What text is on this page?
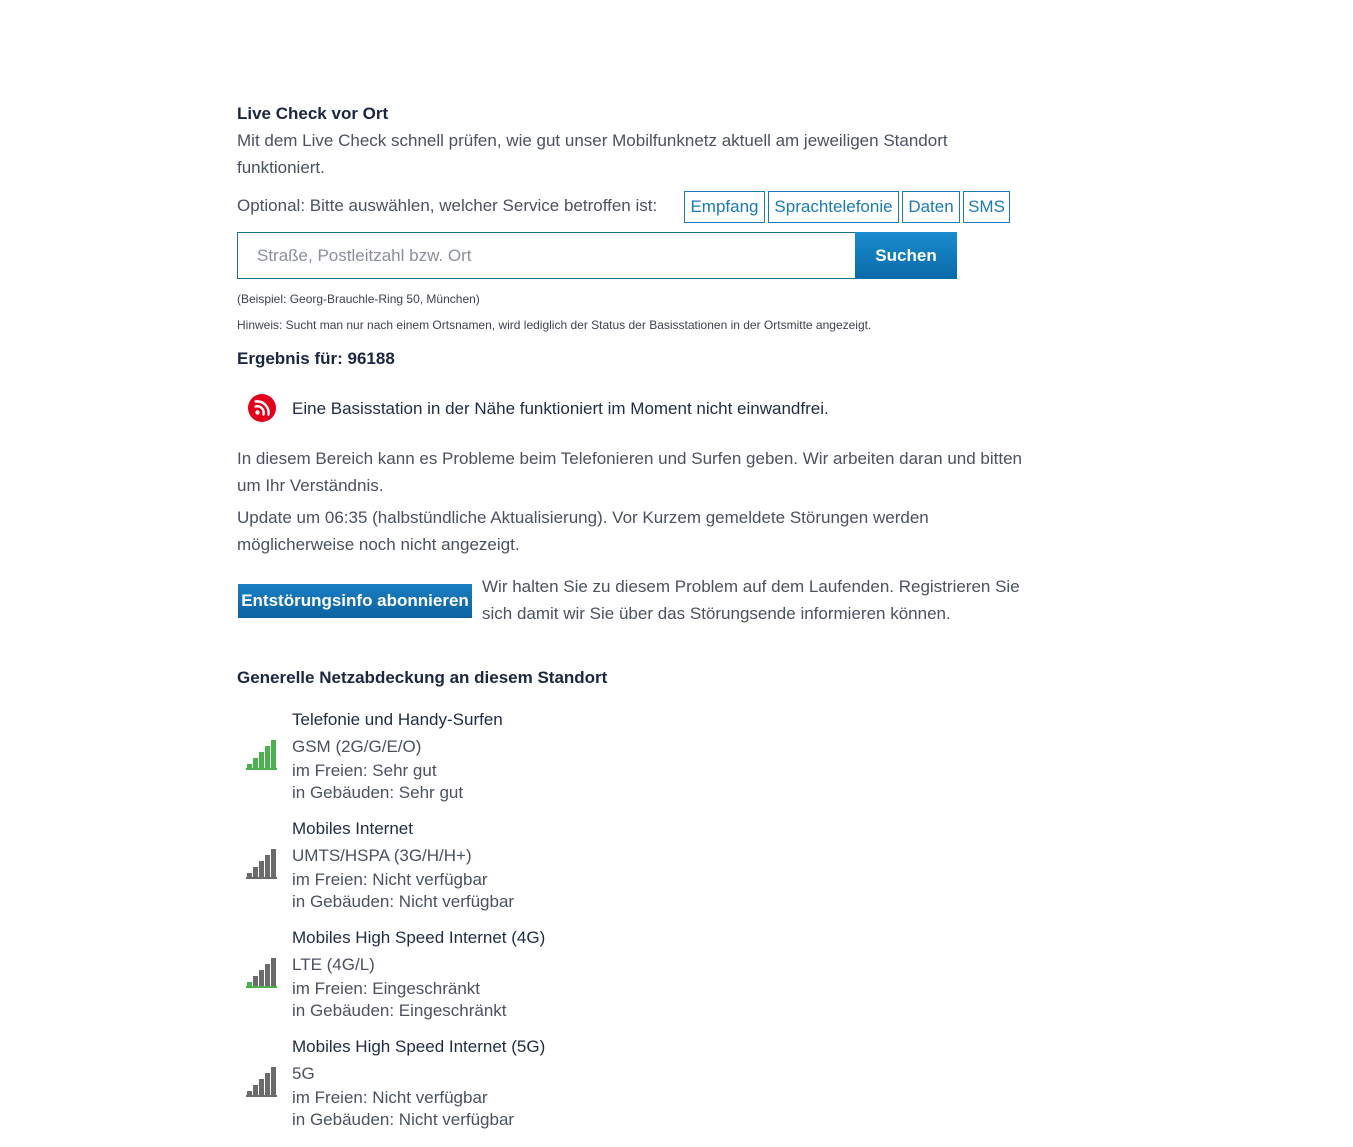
Live Check vor Ort
Mit dem Live Check schnell prüfen, wie gut unser Mobilfunknetz aktuell am jeweiligen Standort
funktioniert.
Optional: Bitte auswählen, welcher Service betroffen ist:	Empfang Sprachtelefonie Daten SMS
Straße, Postleitzahl bzw. Ort
Suchen
(Beispiel: Georg-Brauchle-Ring 50, München)
Hinweis: Sucht man nur nach einem Ortsnamen, wird lediglich der Status der Basisstationen in der Ortsmitte angezeigt.
Ergebnis für: 96188
Eine Basisstation in der Nähe funktioniert im Moment nicht einwandfrei.
In diesem Bereich kann es Probleme beim Telefonieren und Surfen geben. Wir arbeiten daran und bitten
um Ihr Verständnis.
Update um 06:35 (halbstündliche Aktualisierung). Vor Kurzem gemeldete Störungen werden
möglicherweise noch nicht angezeigt.
Entstörungsinfo abonnieren
Wir halten Sie zu diesem Problem auf dem Laufenden. Registrieren Sie
sich damit wir Sie über das Störungsende informieren können.
Generelle Netzabdeckung an diesem Standort
Telefonie und Handy-Surfen
GSM (2G/G/E/O)
im Freien: Sehr gut
in Gebäuden: Sehr gut
Mobiles Internet
UMTS/HSPA (3G/H/H+)
im Freien: Nicht verfügbar
in Gebäuden: Nicht verfügbar
Mobiles High Speed Internet (4G)
LTE (4G/L)
im Freien: Eingeschränkt
in Gebäuden: Eingeschränkt
Mobiles High Speed Internet (5G)
5G
im Freien: Nicht verfügbar
in Gebäuden: Nicht verfügbar
